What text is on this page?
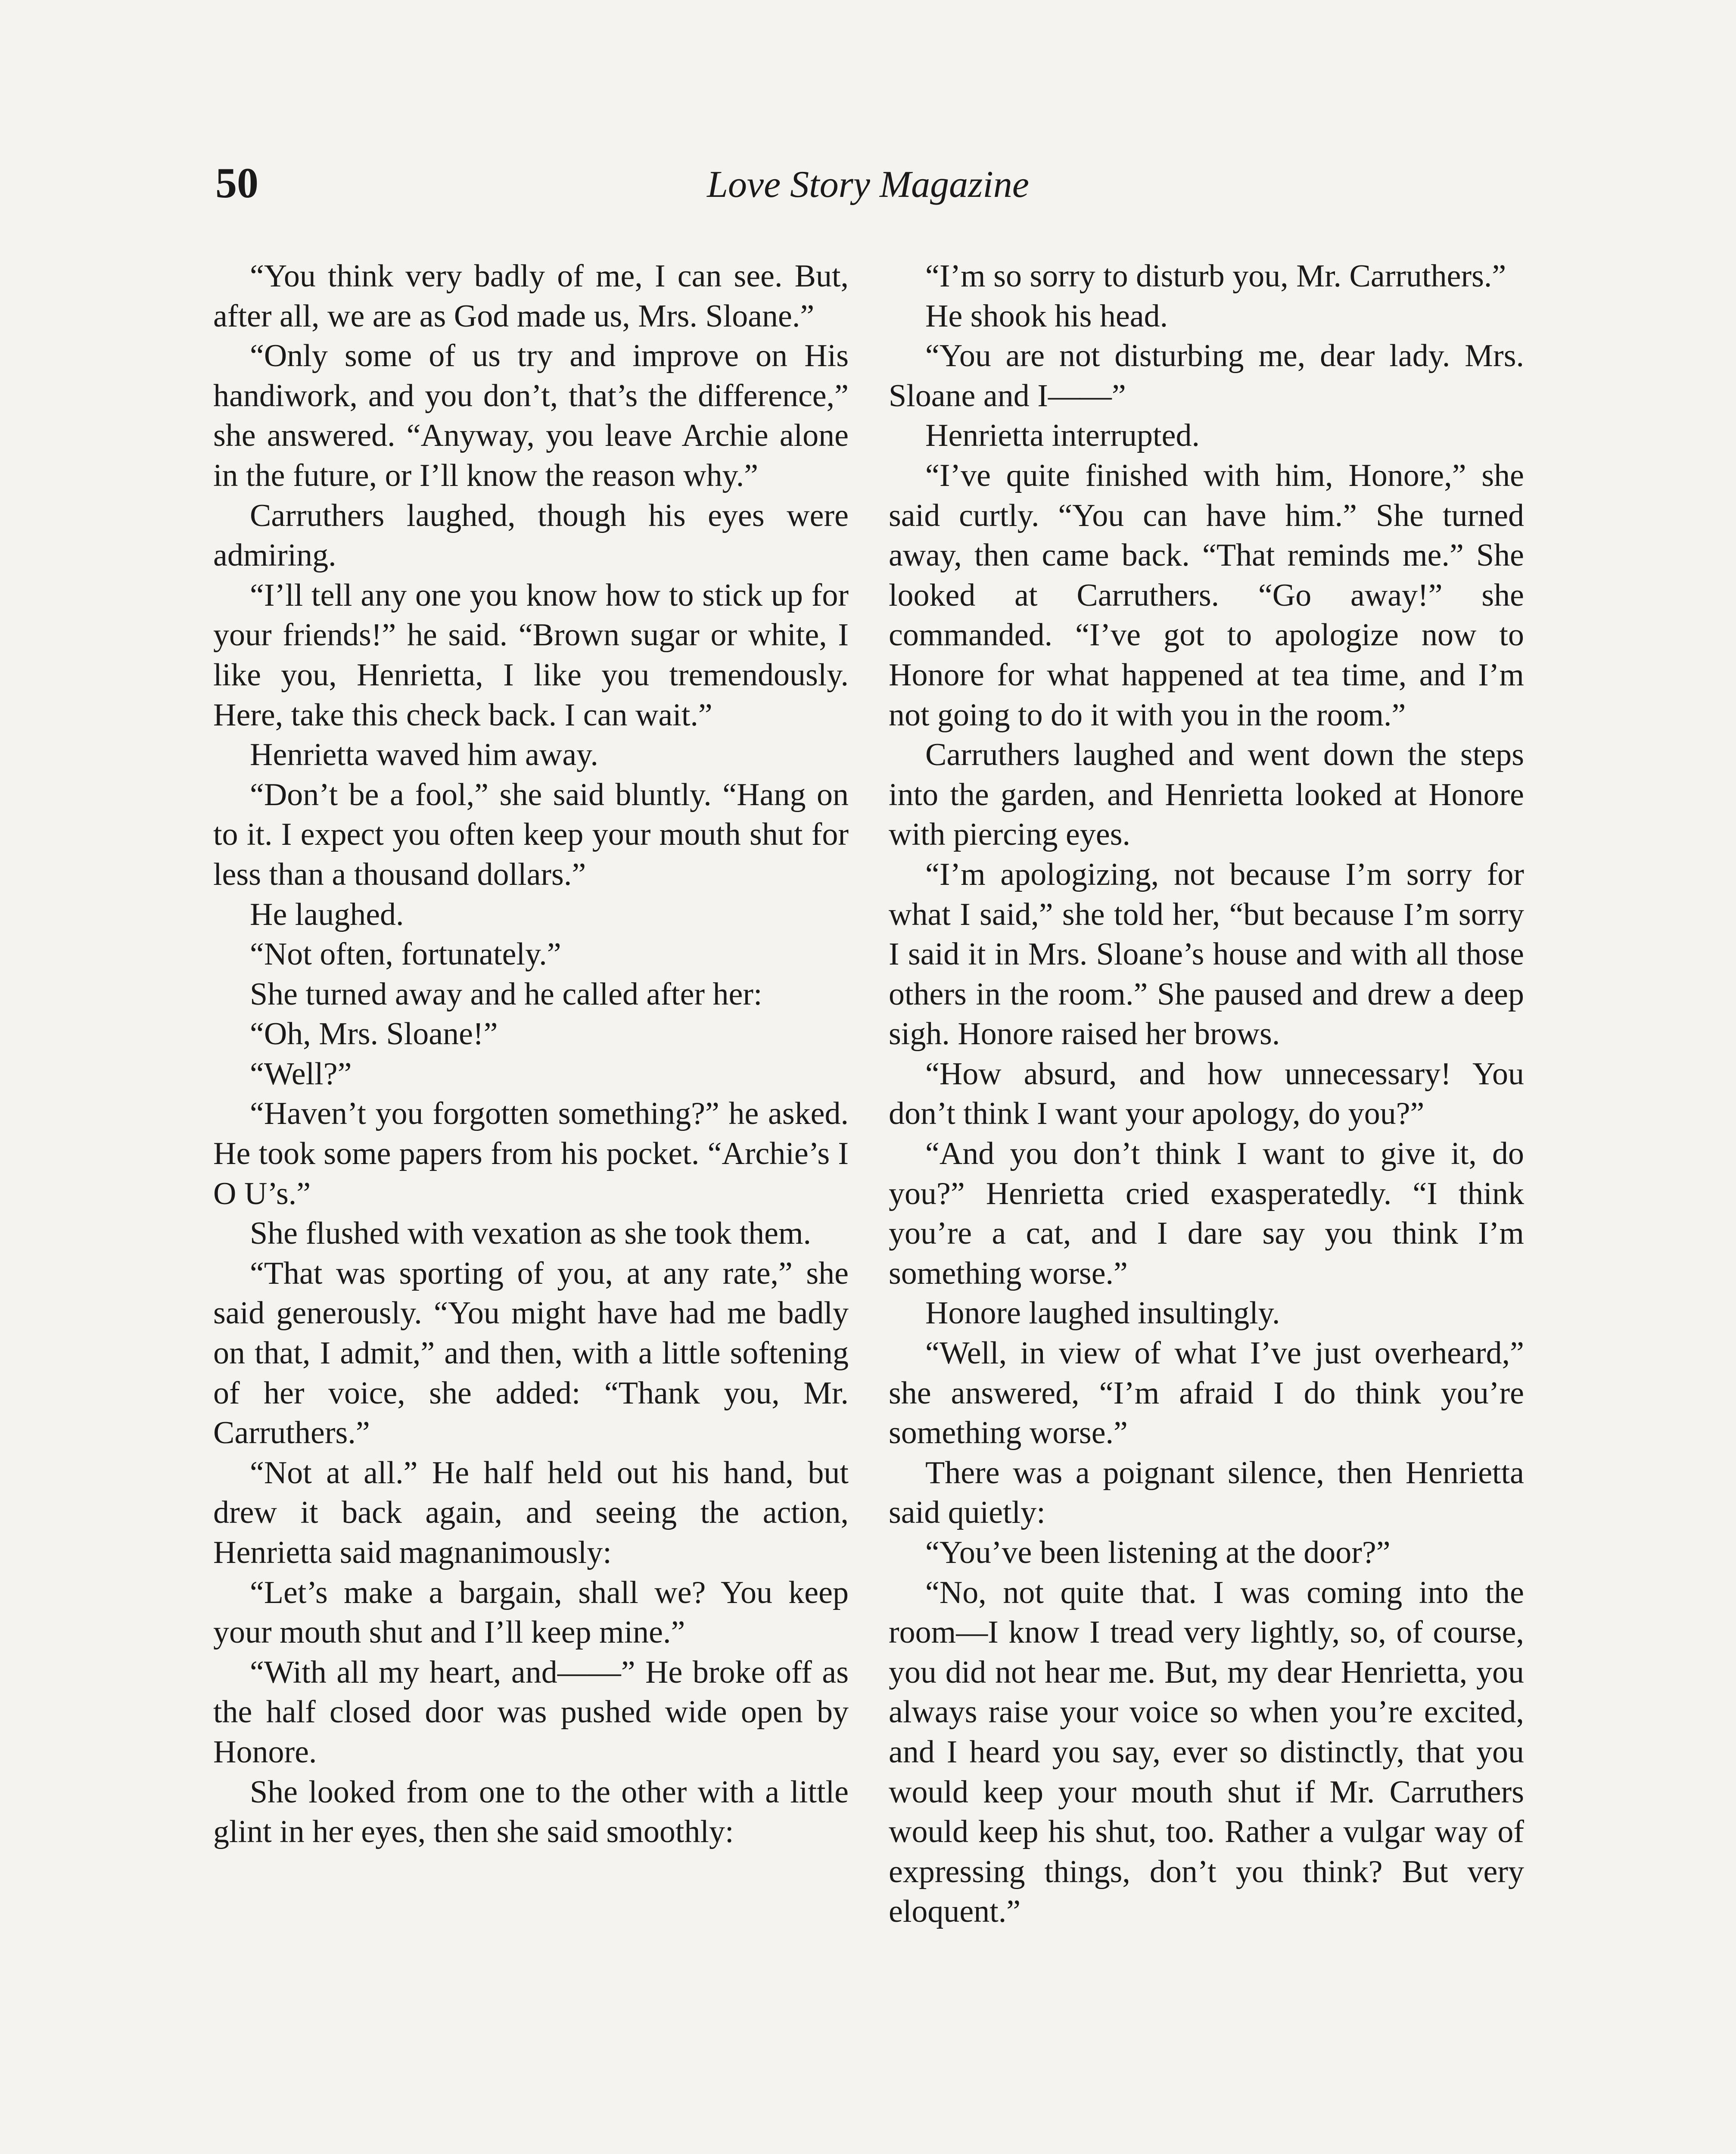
50	Love Story Magazine

“You think very badly of me, I can see. But, after all, we are as God made us, Mrs. Sloane.”

“Only some of us try and improve on His handiwork, and you don’t, that’s the difference,” she answered. “Anyway, you leave Archie alone in the future, or I’ll know the reason why.”

Carruthers laughed, though his eyes were admiring.

“I’ll tell any one you know how to stick up for your friends!” he said. “Brown sugar or white, I like you, Henrietta, I like you tremendously. Here, take this check back. I can wait.”

Henrietta waved him away.

“Don’t be a fool,” she said bluntly. “Hang on to it. I expect you often keep your mouth shut for less than a thousand dollars.”

He laughed.

“Not often, fortunately.”

She turned away and he called after her:

“Oh, Mrs. Sloane!”

“Well?”

“Haven’t you forgotten something?” he asked. He took some papers from his pocket. “Archie’s I O U’s.”

She flushed with vexation as she took them.

“That was sporting of you, at any rate,” she said generously. “You might have had me badly on that, I admit,” and then, with a little softening of her voice, she added: “Thank you, Mr. Carruthers.”

“Not at all.” He half held out his hand, but drew it back again, and seeing the action, Henrietta said magnanimously:

“Let’s make a bargain, shall we? You keep your mouth shut and I’ll keep mine.”

“With all my heart, and——” He broke off as the half closed door was pushed wide open by Honore.

She looked from one to the other with a little glint in her eyes, then she said smoothly:

“I’m so sorry to disturb you, Mr. Carruthers.”

He shook his head.

“You are not disturbing me, dear lady. Mrs. Sloane and I——”

Henrietta interrupted.

“I’ve quite finished with him, Honore,” she said curtly. “You can have him.” She turned away, then came back. “That reminds me.” She looked at Carruthers. “Go away!” she commanded. “I’ve got to apologize now to Honore for what happened at tea time, and I’m not going to do it with you in the room.”

Carruthers laughed and went down the steps into the garden, and Henrietta looked at Honore with piercing eyes.

“I’m apologizing, not because I’m sorry for what I said,” she told her, “but because I’m sorry I said it in Mrs. Sloane’s house and with all those others in the room.” She paused and drew a deep sigh. Honore raised her brows.

“How absurd, and how unnecessary! You don’t think I want your apology, do you?”

“And you don’t think I want to give it, do you?” Henrietta cried exasperatedly. “I think you’re a cat, and I dare say you think I’m something worse.”

Honore laughed insultingly.

“Well, in view of what I’ve just overheard,” she answered, “I’m afraid I do think you’re something worse.”

There was a poignant silence, then Henrietta said quietly:

“You’ve been listening at the door?”

“No, not quite that. I was coming into the room—I know I tread very lightly, so, of course, you did not hear me. But, my dear Henrietta, you always raise your voice so when you’re excited, and I heard you say, ever so distinctly, that you would keep your mouth shut if Mr. Carruthers would keep his shut, too. Rather a vulgar way of expressing things, don’t you think? But very eloquent.”
